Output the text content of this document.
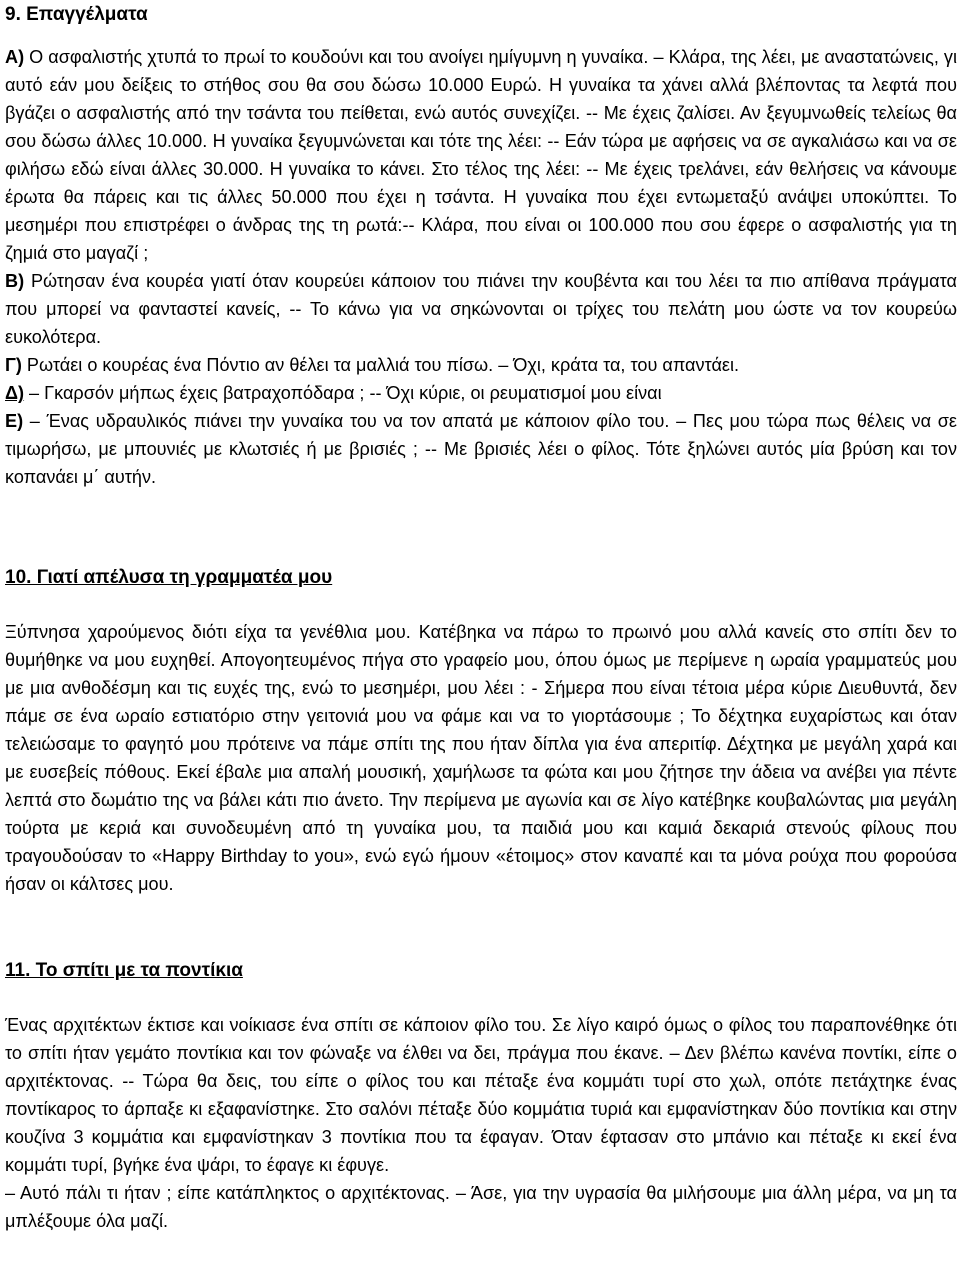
9. Επαγγέλματα

Α) Ο ασφαλιστής χτυπά το πρωί το κουδούνι και του ανοίγει ημίγυμνη η γυναίκα. – Κλάρα, της λέει, με αναστατώνεις, γι αυτό εάν μου δείξεις το στήθος σου θα σου δώσω 10.000 Ευρώ. Η γυναίκα τα χάνει αλλά βλέποντας τα λεφτά που βγάζει ο ασφαλιστής από την τσάντα του πείθεται, ενώ αυτός συνεχίζει. -- Με έχεις ζαλίσει. Αν ξεγυμνωθείς τελείως θα σου δώσω άλλες 10.000. Η γυναίκα ξεγυμνώνεται και τότε της λέει: -- Εάν τώρα με αφήσεις να σε αγκαλιάσω και να σε φιλήσω εδώ είναι άλλες 30.000. Η γυναίκα το κάνει. Στο τέλος της λέει: -- Με έχεις τρελάνει, εάν θελήσεις να κάνουμε έρωτα θα πάρεις και τις άλλες 50.000 που έχει η τσάντα. Η γυναίκα που έχει εντωμεταξύ ανάψει υποκύπτει. Το μεσημέρι που επιστρέφει ο άνδρας της τη ρωτά:-- Κλάρα, που είναι οι 100.000 που σου έφερε ο ασφαλιστής για τη ζημιά στο μαγαζί ;

Β) Ρώτησαν ένα κουρέα γιατί όταν κουρεύει κάποιον του πιάνει την κουβέντα και του λέει τα πιο απίθανα πράγματα που μπορεί να φανταστεί κανείς, -- Το κάνω για να σηκώνονται οι τρίχες του πελάτη μου ώστε να τον κουρεύω ευκολότερα.

Γ) Ρωτάει ο κουρέας ένα Πόντιο αν θέλει τα μαλλιά του πίσω. – Όχι, κράτα τα, του απαντάει.

Δ) – Γκαρσόν μήπως έχεις βατραχοπόδαρα ; -- Όχι κύριε, οι ρευματισμοί μου είναι

Ε) – Ένας υδραυλικός πιάνει την γυναίκα του να τον απατά με κάποιον φίλο του. – Πες μου τώρα πως θέλεις να σε τιμωρήσω, με μπουνιές με κλωτσιές ή με βρισιές ; -- Με βρισιές λέει ο φίλος. Τότε ξηλώνει αυτός μία βρύση και τον κοπανάει μ΄ αυτήν.

10. Γιατί απέλυσα τη γραμματέα μου

Ξύπνησα χαρούμενος διότι είχα τα γενέθλια μου. Κατέβηκα να πάρω το πρωινό μου αλλά κανείς στο σπίτι δεν το θυμήθηκε να μου ευχηθεί. Απογοητευμένος πήγα στο γραφείο μου, όπου όμως με περίμενε η ωραία γραμματεύς μου με μια ανθοδέσμη και τις ευχές της, ενώ το μεσημέρι, μου λέει : - Σήμερα που είναι τέτοια μέρα κύριε Διευθυντά, δεν πάμε σε ένα ωραίο εστιατόριο στην γειτονιά μου να φάμε και να το γιορτάσουμε ; Το δέχτηκα ευχαρίστως και όταν τελειώσαμε το φαγητό μου πρότεινε να πάμε σπίτι της που ήταν δίπλα για ένα απεριτίφ. Δέχτηκα με μεγάλη χαρά και με ευσεβείς πόθους. Εκεί έβαλε μια απαλή μουσική, χαμήλωσε τα φώτα και μου ζήτησε την άδεια να ανέβει για πέντε λεπτά στο δωμάτιο της να βάλει κάτι πιο άνετο. Την περίμενα με αγωνία και σε λίγο κατέβηκε κουβαλώντας μια μεγάλη τούρτα με κεριά και συνοδευμένη από τη γυναίκα μου, τα παιδιά μου και καμιά δεκαριά στενούς φίλους που τραγουδούσαν το «Happy Birthday to you», ενώ εγώ ήμουν «έτοιμος» στον καναπέ και τα μόνα ρούχα που φορούσα ήσαν οι κάλτσες μου.

11. Το σπίτι με τα ποντίκια

Ένας αρχιτέκτων έκτισε και νοίκιασε ένα σπίτι σε κάποιον φίλο του. Σε λίγο καιρό όμως ο φίλος του παραπονέθηκε ότι το σπίτι ήταν γεμάτο ποντίκια και τον φώναξε να έλθει να δει, πράγμα που έκανε. – Δεν βλέπω κανένα ποντίκι, είπε ο αρχιτέκτονας. -- Τώρα θα δεις, του είπε ο φίλος του και πέταξε ένα κομμάτι τυρί στο χωλ, οπότε πετάχτηκε ένας ποντίκαρος το άρπαξε κι εξαφανίστηκε. Στο σαλόνι πέταξε δύο κομμάτια τυριά και εμφανίστηκαν δύο ποντίκια και στην κουζίνα 3 κομμάτια και εμφανίστηκαν 3 ποντίκια που τα έφαγαν. Όταν έφτασαν στο μπάνιο και πέταξε κι εκεί ένα κομμάτι τυρί, βγήκε ένα ψάρι, το έφαγε κι έφυγε.

– Αυτό πάλι τι ήταν ; είπε κατάπληκτος ο αρχιτέκτονας. – Άσε, για την υγρασία θα μιλήσουμε μια άλλη μέρα, να μη τα μπλέξουμε όλα μαζί.
